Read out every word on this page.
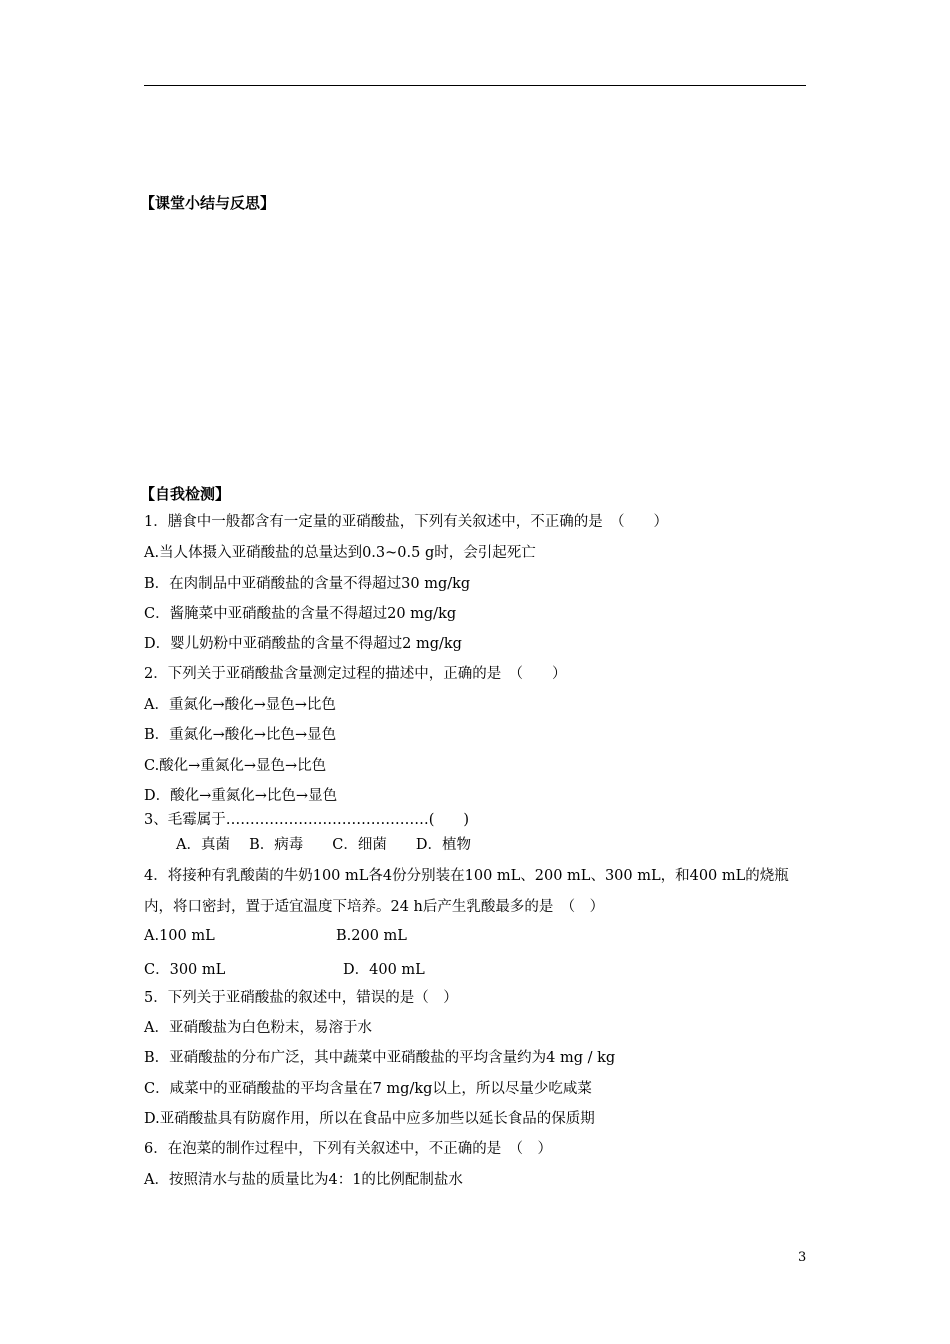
【课堂小结与反思】
【自我检测】
1．膳食中一般都含有一定量的亚硝酸盐，下列有关叙述中，不正确的是　（　　）
A.当人体摄入亚硝酸盐的总量达到0.3~0.5 g时，会引起死亡
B．在肉制品中亚硝酸盐的含量不得超过30 mg/kg
C．酱腌菜中亚硝酸盐的含量不得超过20 mg/kg
D．婴儿奶粉中亚硝酸盐的含量不得超过2 mg/kg
2．下列关于亚硝酸盐含量测定过程的描述中，正确的是　（　　）
A．重氮化→酸化→显色→比色
B．重氮化→酸化→比色→显色
C.酸化→重氮化→显色→比色
D．酸化→重氮化→比色→显色
3、毛霉属于……………………………………(　　)
A．真菌　 B．病毒　　C．细菌　　D．植物
4．将接种有乳酸菌的牛奶100 mL各4份分别装在100 mL、200 mL、300 mL，和400 mL的烧瓶内，将口密封，置于适宜温度下培养。24 h后产生乳酸最多的是　（　）
A.100 mL	B.200 mL
C．300 mL	D．400 mL
5．下列关于亚硝酸盐的叙述中，错误的是（　）
A．亚硝酸盐为白色粉末，易溶于水
B．亚硝酸盐的分布广泛，其中蔬菜中亚硝酸盐的平均含量约为4 mg / kg
C．咸菜中的亚硝酸盐的平均含量在7 mg/kg以上，所以尽量少吃咸菜
D.亚硝酸盐具有防腐作用，所以在食品中应多加些以延长食品的保质期
6．在泡菜的制作过程中，下列有关叙述中，不正确的是　（　）
A．按照清水与盐的质量比为4：1的比例配制盐水
3
